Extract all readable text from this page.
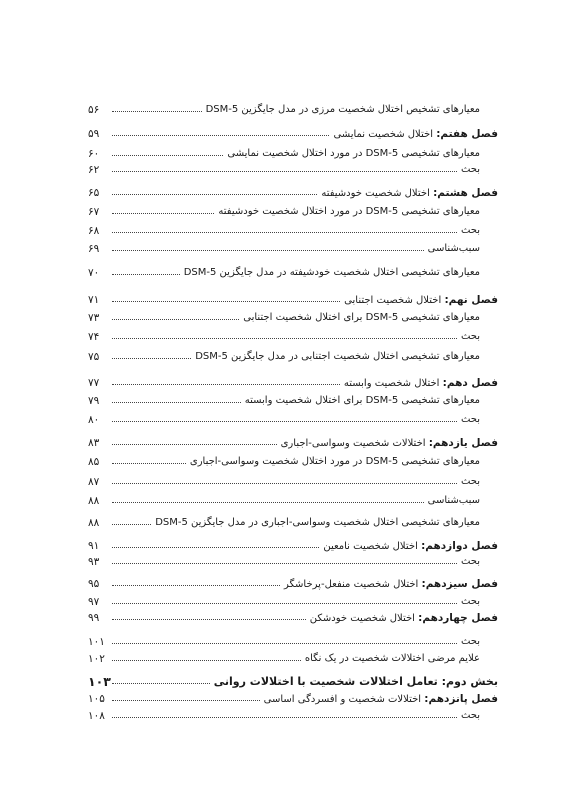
۵۶	معیارهای تشخیص اختلال شخصیت مرزی در مدل جایگزین DSM-5
۵۹	فصل هفتم: اختلال شخصیت نمایشی
۶۰	معیارهای تشخیصی DSM-5 در مورد اختلال شخصیت نمایشی
۶۲	بحث
۶۵	فصل هشتم: اختلال شخصیت خودشیفته
۶۷	معیارهای تشخیصی DSM-5 در مورد اختلال شخصیت خودشیفته
۶۸	بحث
۶۹	سبب‌شناسی
۷۰	معیارهای تشخیصی اختلال شخصیت خودشیفته در مدل جایگزین DSM-5
۷۱	فصل نهم: اختلال شخصیت اجتنابی
۷۳	معیارهای تشخیصی DSM-5 برای اختلال شخصیت اجتنابی
۷۴	بحث
۷۵	معیارهای تشخیصی اختلال شخصیت اجتنابی در مدل جایگزین DSM-5
۷۷	فصل دهم: اختلال شخصیت وابسته
۷۹	معیارهای تشخیصی DSM-5 برای اختلال شخصیت وابسته
۸۰	بحث
۸۳	فصل یازدهم: اختلالات شخصیت وسواسی-اجباری
۸۵	معیارهای تشخیصی DSM-5 در مورد اختلال شخصیت وسواسی-اجباری
۸۷	بحث
۸۸	سبب‌شناسی
۸۸	معیارهای تشخیصی اختلال شخصیت وسواسی-اجباری در مدل جایگزین DSM-5
۹۱	فصل دوازدهم: اختلال شخصیت نامعین
۹۳	بحث
۹۵	فصل سیزدهم: اختلال شخصیت منفعل-پرخاشگر
۹۷	بحث
۹۹	فصل چهاردهم: اختلال شخصیت خودشکن
۱۰۱	بحث
۱۰۲	علایم مرضی اختلالات شخصیت در یک نگاه
۱۰۳	بخش دوم: تعامل اختلالات شخصیت با اختلالات روانی
۱۰۵	فصل پانزدهم: اختلالات شخصیت و افسردگی اساسی
۱۰۸	بحث
